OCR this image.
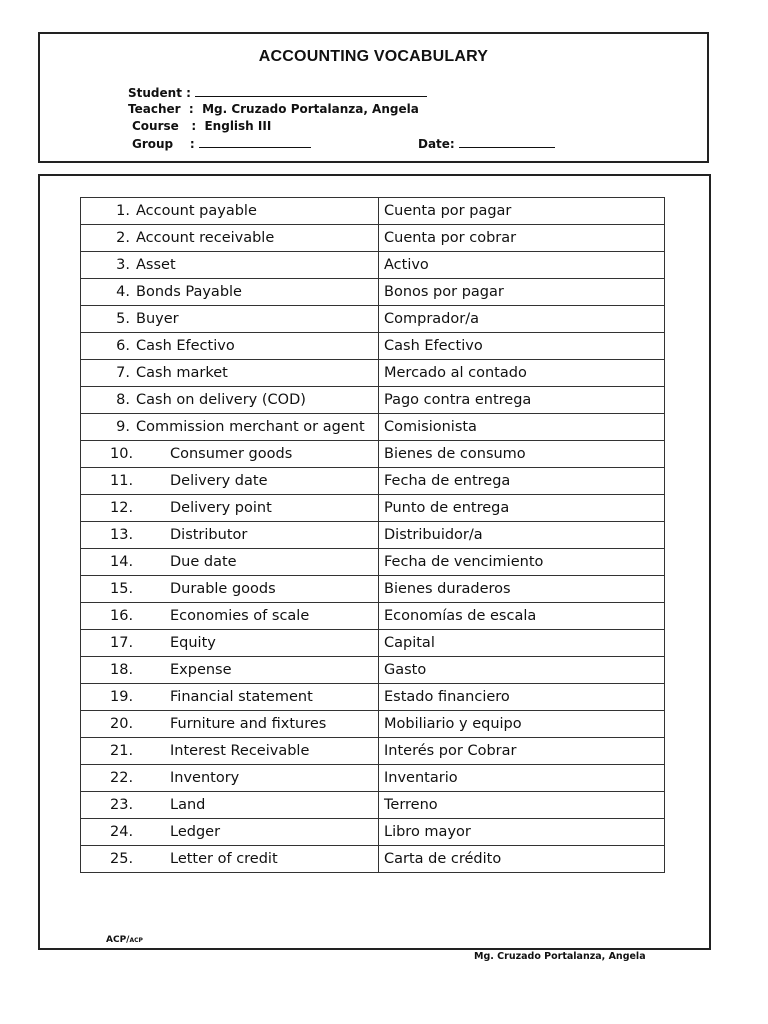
ACCOUNTING VOCABULARY
Student :
Teacher  :  Mg. Cruzado Portalanza, Angela
Course   :  English III
Group    :	Date:
1. Account payable	Cuenta por pagar
2. Account receivable	Cuenta por cobrar
3. Asset	Activo
4. Bonds Payable	Bonos por pagar
5. Buyer	Comprador/a
6. Cash Efectivo	Cash Efectivo
7. Cash market	Mercado al contado
8. Cash on delivery (COD)	Pago contra entrega
9. Commission merchant or agent	Comisionista
10. Consumer goods	Bienes de consumo
11. Delivery date	Fecha de entrega
12. Delivery point	Punto de entrega
13. Distributor	Distribuidor/a
14. Due date	Fecha de vencimiento
15. Durable goods	Bienes duraderos
16. Economies of scale	Economías de escala
17. Equity	Capital
18. Expense	Gasto
19. Financial statement	Estado financiero
20. Furniture and fixtures	Mobiliario y equipo
21. Interest Receivable	Interés por Cobrar
22. Inventory	Inventario
23. Land	Terreno
24. Ledger	Libro mayor
25. Letter of credit	Carta de crédito
ACP/ACP
Mg. Cruzado Portalanza, Angela
